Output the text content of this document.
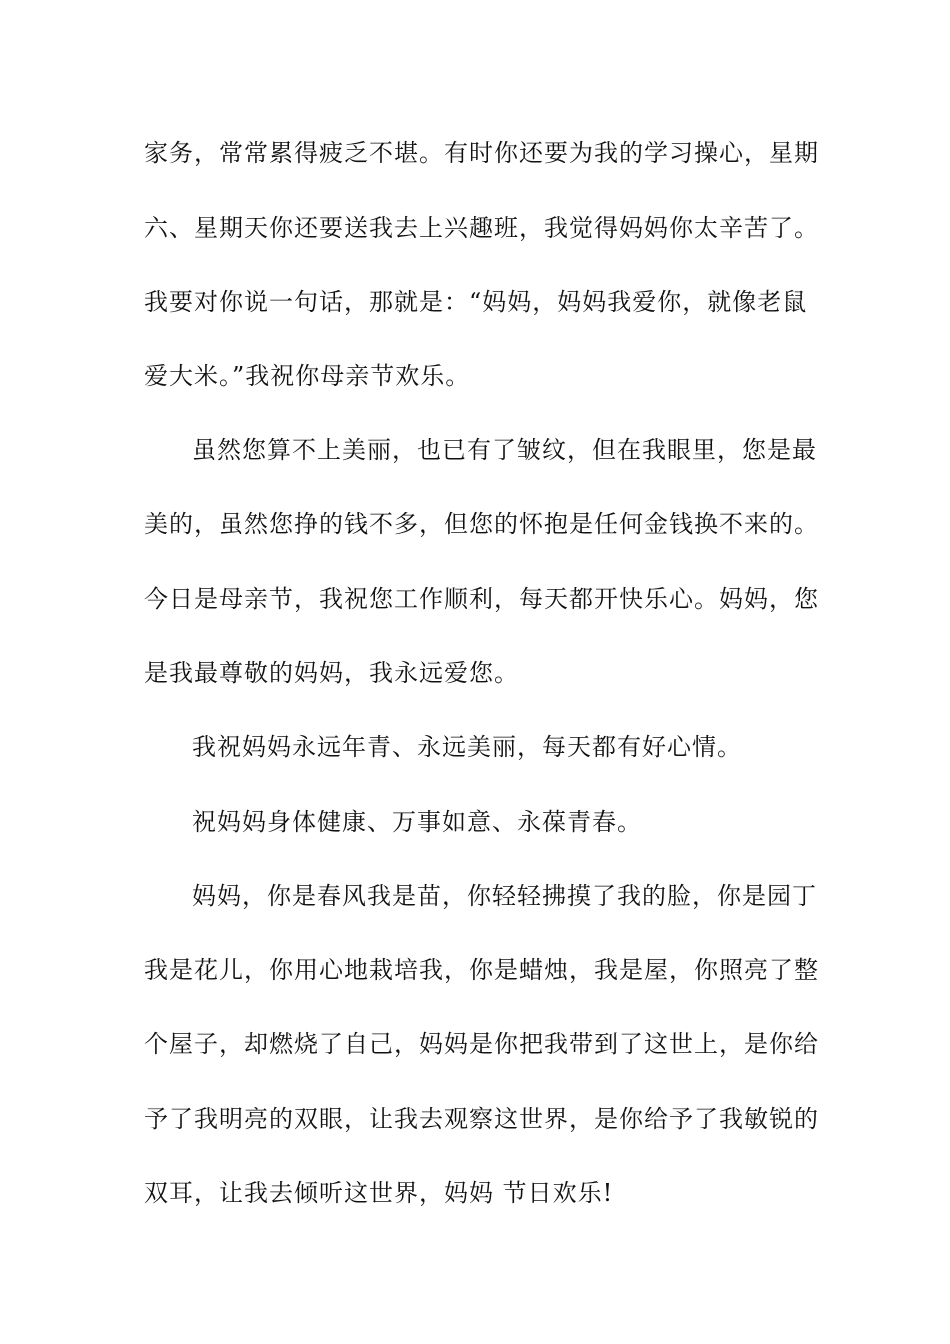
家务，常常累得疲乏不堪。有时你还要为我的学习操心，星期
六、星期天你还要送我去上兴趣班，我觉得妈妈你太辛苦了。
我要对你说一句话，那就是：“妈妈，妈妈我爱你，就像老鼠
爱大米。”我祝你母亲节欢乐。
虽然您算不上美丽，也已有了皱纹，但在我眼里，您是最
美的，虽然您挣的钱不多，但您的怀抱是任何金钱换不来的。
今日是母亲节，我祝您工作顺利，每天都开快乐心。妈妈，您
是我最尊敬的妈妈，我永远爱您。
我祝妈妈永远年青、永远美丽，每天都有好心情。
祝妈妈身体健康、万事如意、永葆青春。
妈妈，你是春风我是苗，你轻轻拂摸了我的脸，你是园丁
我是花儿，你用心地栽培我，你是蜡烛，我是屋，你照亮了整
个屋子，却燃烧了自己，妈妈是你把我带到了这世上，是你给
予了我明亮的双眼，让我去观察这世界，是你给予了我敏锐的
双耳，让我去倾听这世界，妈妈 节日欢乐!
